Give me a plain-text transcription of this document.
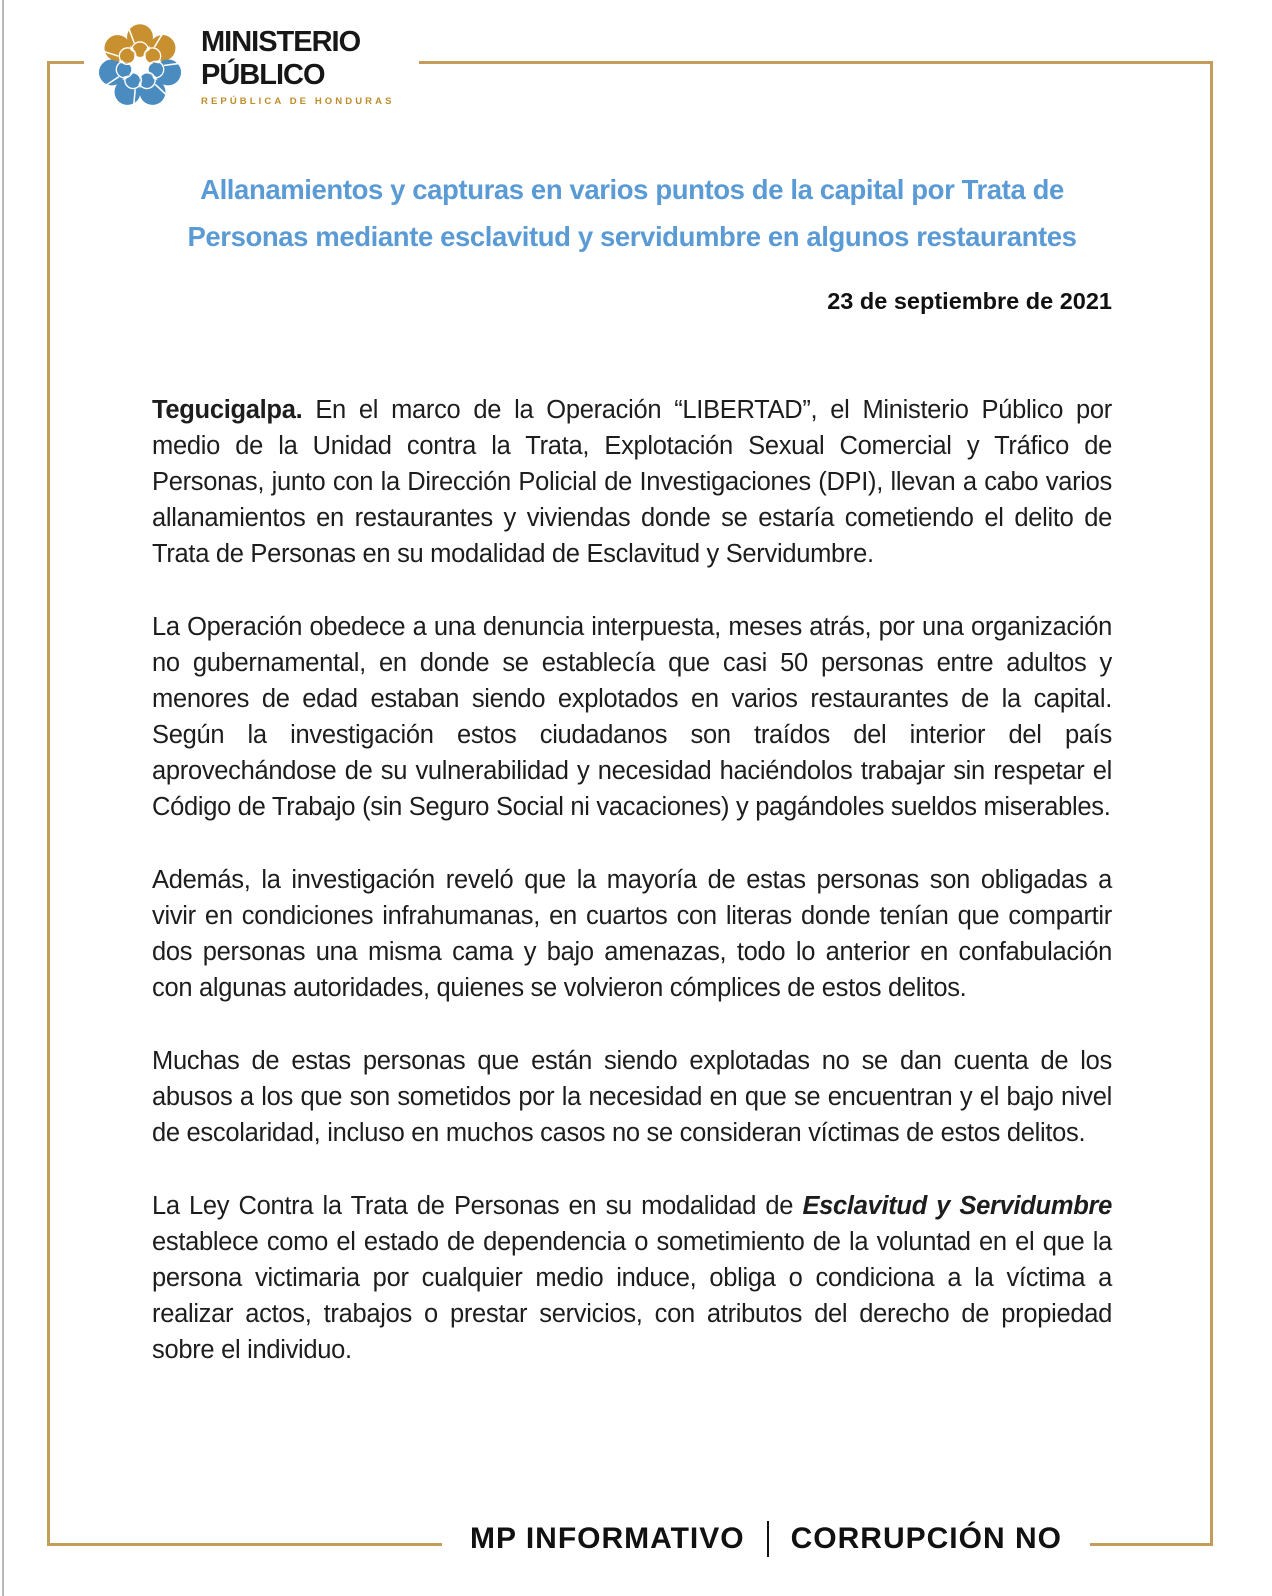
MINISTERIO
PÚBLICO
REPÚBLICA DE HONDURAS
Allanamientos y capturas en varios puntos de la capital por Trata de
Personas mediante esclavitud y servidumbre en algunos restaurantes
23 de septiembre de 2021

Tegucigalpa. En el marco de la Operación “LIBERTAD”, el Ministerio Público por medio de la Unidad contra la Trata, Explotación Sexual Comercial y Tráfico de Personas, junto con la Dirección Policial de Investigaciones (DPI), llevan a cabo varios allanamientos en restaurantes y viviendas donde se estaría cometiendo el delito de Trata de Personas en su modalidad de Esclavitud y Servidumbre.

La Operación obedece a una denuncia interpuesta, meses atrás, por una organización no gubernamental, en donde se establecía que casi 50 personas entre adultos y menores de edad estaban siendo explotados en varios restaurantes de la capital. Según la investigación estos ciudadanos son traídos del interior del país aprovechándose de su vulnerabilidad y necesidad haciéndolos trabajar sin respetar el Código de Trabajo (sin Seguro Social ni vacaciones) y pagándoles sueldos miserables.

Además, la investigación reveló que la mayoría de estas personas son obligadas a vivir en condiciones infrahumanas, en cuartos con literas donde tenían que compartir dos personas una misma cama y bajo amenazas, todo lo anterior en confabulación con algunas autoridades, quienes se volvieron cómplices de estos delitos.

Muchas de estas personas que están siendo explotadas no se dan cuenta de los abusos a los que son sometidos por la necesidad en que se encuentran y el bajo nivel de escolaridad, incluso en muchos casos no se consideran víctimas de estos delitos.

La Ley Contra la Trata de Personas en su modalidad de Esclavitud y Servidumbre establece como el estado de dependencia o sometimiento de la voluntad en el que la persona victimaria por cualquier medio induce, obliga o condiciona a la víctima a realizar actos, trabajos o prestar servicios, con atributos del derecho de propiedad sobre el individuo.

MP INFORMATIVO CORRUPCIÓN NO
